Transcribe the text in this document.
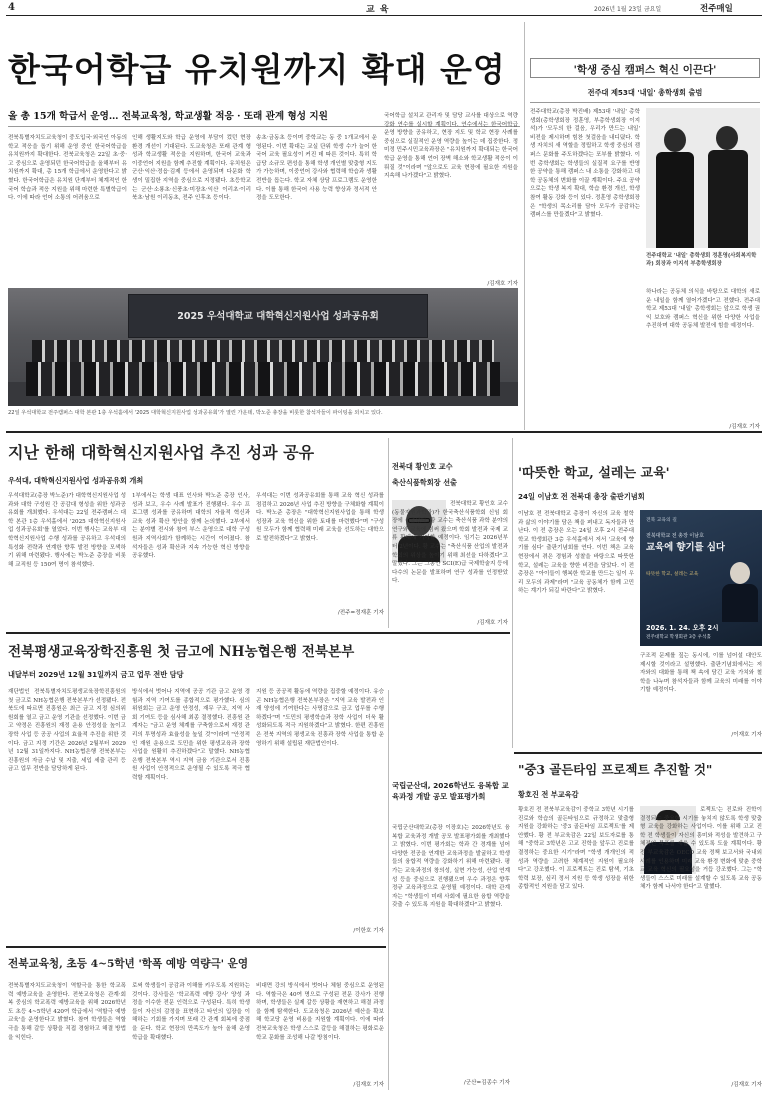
4	교 육	2026년 1월 23일 금요일	전주매일
한국어학급 유치원까지 확대 운영
올 총 15개 학급서 운영… 전북교육청, 학교생활 적응 · 또래 관계 형성 지원
전북특별자치도교육청이 중도입국·외국인 아동의 학교 적응을 돕기 위해 운영 중인 한국어학급을 유치원까지 확대한다. 전북교육청은 22일 초·중·고 중심으로 운영되던 한국어학급을 올해부터 유치원까지 확대, 총 15개 학급에서 운영한다고 밝혔다. 한국어학급은 유치원 단계부터 체계적인 한국어 학습과 적응 지원을 위해 마련한 특별학급이다. 이에 따라 언어 소통의 어려움으로
인해 생활지도와 학급 운영에 부담이 컸던 현장 환경 개선이 기대된다. 도교육청은 또래 관계 형성과 학교생활 적응을 지원하며, 한국어 교육과 이중언어 지원을 함께 추진할 계획이다. 유치원은 군산·익산·정읍·김제 등에서 운영되며 다문화 학생이 밀집한 지역을 중심으로 지정됐다. 초등학교는 군산·소룡초·신풍초·미장초·익산 이리초·이리북초·남원 이리동초, 전주 인후초 등이다.
송초·금동초 등이며 중학교는 동 중 1개교에서 운영된다. 이번 확대는 교실 단위 학생 수가 늘어 한국어 교육 필요성이 커진 데 따른 것이다. 특히 학급당 소규모 편성을 통해 학생 개인별 맞춤형 지도가 가능하며, 이중언어 강사와 협력해 학습과 생활 전반을 돕는다. 학교 자체 상담 프로그램도 운영한다. 이를 통해 한국어 사용 능력 향상과 정서적 안정을 도모한다.
국어학급 설치교 관리자 및 담당 교사를 대상으로 역량 강화 연수를 실시할 계획이다. 연수에서는 한국어학급 운영 방향을 공유하고, 현장 지도 및 학교 현장 사례를 중심으로 실질적인 운영 역량을 높이는 데 집중한다. 정미정 민주시민교육과장은 "유치원까지 확대되는 한국어학급 운영을 통해 언어 장벽 해소와 학교생활 적응이 이뤄질 것"이라며 "앞으로도 교육 현장에 필요한 지원을 지속해 나가겠다"고 밝혔다.
/김재호 기자
2025 우석대학교 대학혁신지원사업 성과공유회
22일 우석대학교 전주캠퍼스 대학 본관 1층 우석홀에서 '2025 대학혁신지원사업 성과공유회'가 열린 가운데, 박노준 총장을 비롯한 참석자들이 파이팅을 외치고 있다.
'학생 중심 캠퍼스 혁신 이끈다'
전주대 제53대 '내일' 총학생회 출범
전주대학교(총장 박진배) 제53대 '내일' 총학생회(총학생회장 정훈영, 부총학생회장 이지석)가 '모두의 한 걸음, 우리가 만드는 내일' 비전을 제시하며 힘찬 첫걸음을 내디뎠다. 학생 자치의 새 역할을 정립하고 학생 중심의 캠퍼스 문화를 주도하겠다는 포부를 밝혔다. 이번 총학생회는 학생들의 실질적 요구를 반영한 공약을 통해 캠퍼스 내 소통을 강화하고 대학 공동체의 변화를 이끌 계획이다. 주요 공약으로는 학생 복지 확대, 학습 환경 개선, 학생 참여 활동 강화 등이 있다. 정훈영 총학생회장은 "학생의 목소리를 담아 모두가 공감하는 캠퍼스를 만들겠다"고 밝혔다.
전주대학교 '내일' 총학생회 정훈영(사회복지학과) 회장과 이지석 부총학생회장
하나라는 공동체 의식을 바탕으로 대학의 새로운 내일을 함께 열어가겠다"고 전했다. 전주대학교 제53대 '내일' 총학생회는 앞으로 학생 권익 보호와 캠퍼스 혁신을 위한 다양한 사업을 추진하며 대학 공동체 발전에 힘쓸 예정이다.
/김재호 기자
지난 한해 대학혁신지원사업 추진 성과 공유
우석대, 대학혁신지원사업 성과공유회 개최
우석대학교(총장 박노준)가 대학혁신지원사업 성과와 대학 구성원 간 공감대 형성을 위한 성과공유회를 개최했다. 우석대는 22일 전주캠퍼스 대학 본관 1층 우석홀에서 '2025 대학혁신지원사업 성과공유회'를 열었다. 이번 행사는 교육부 대학혁신지원사업 수행 성과를 공유하고 우석대의 특성화 전략과 연계한 향후 발전 방향을 모색하기 위해 마련됐다. 행사에는 박노준 총장을 비롯해 교직원 등 150여 명이 참석했다.
1부에서는 학생 대표 인사와 박노준 총장 인사, 성과 보고, 우수 사례 발표가 진행됐다. 우수 프로그램 성과를 공유하며 대학의 자율적 혁신과 교육 성과 확산 방안을 함께 논의했다. 2부에서는 분야별 전시와 참여 부스 운영으로 대학 구성원과 지역사회가 함께하는 시간이 이어졌다. 참석자들은 성과 확산과 지속 가능한 혁신 방향을 공유했다.
우석대는 이번 성과공유회를 통해 교육 혁신 성과를 점검하고 2026년 사업 추진 방향을 구체화할 계획이다. 박노준 총장은 "대학혁신지원사업을 통해 학생 성장과 교육 혁신을 위한 토대를 마련했다"며 "구성원 모두가 함께 협력해 미래 교육을 선도하는 대학으로 발전하겠다"고 밝혔다.
/전주=정재훈 기자
전북대 황인호 교수
축산식품학회장 선출
전북대학교 황인호 교수(동물자원과학과)가 한국축산식품학회 신임 회장에 선출됐다. 황 교수는 축산식품 과학 분야의 연구와 교육에 힘써 왔으며 학회 발전과 국제 교류 확대에 기여할 예정이다. 임기는 2026년부터 2년이다. 황 교수는 "축산식품 산업의 발전과 학회의 위상을 높이기 위해 최선을 다하겠다"고 말했다. 그는 그동안 SCI(E)급 국제학술지 등에 다수의 논문을 발표하며 연구 성과를 인정받았다.
/김재호 기자
'따뜻한 학교, 설레는 교육'
24일 이남호 전 전북대 총장 출판기념회
이남호 전 전북대학교 총장이 자신의 교육 철학과 삶의 이야기를 담은 책을 펴내고 독자들과 만난다. 이 전 총장은 오는 24일 오후 2시 전주대학교 학생회관 3층 우석홀에서 저서 '교육에 향기를 심다' 출판기념회를 연다. 이번 책은 교육 현장에서 겪은 경험과 성찰을 바탕으로 따뜻한 학교, 설레는 교육을 향한 비전을 담았다. 이 전 총장은 "아이들이 행복한 학교를 만드는 일이 우리 모두의 과제"라며 "교육 공동체가 함께 고민하는 계기가 되길 바란다"고 밝혔다.
전북 교육의 길
전북대학교 전 총장 이남호
교육에 향기를 심다
따뜻한 학교, 설레는 교육
2026. 1. 24. 오후 2시
전주대학교 학생회관 3층 우석홀
구조적 문제를 짚는 동시에, 이를 넘어설 대안도 제시할 것이라고 설명했다. 출판기념회에서는 저자와의 대화를 통해 책 속에 담긴 교육 가치와 철학을 나누며 참석자들과 함께 교육의 미래를 이야기할 예정이다.
/이재호 기자
전북평생교육장학진흥원 첫 금고에 NH농협은행 전북본부
내달부터 2029년 12월 31일까지 금고 업무 전반 담당
재단법인 전북특별자치도평생교육장학진흥원의 첫 금고로 NH농협은행 전북본부가 선정됐다. 전북도에 따르면 진흥원은 최근 금고 지정 심의위원회를 열고 금고 운영 기관을 선정했다. 이번 금고 약정은 진흥원의 재정 운용 안정성을 높이고 장학 사업 등 공공 사업의 효율적 추진을 위한 것이다. 금고 지정 기간은 2026년 2월부터 2029년 12월 31일까지다. NH농협은행 전북본부는 진흥원의 자금 수납 및 지출, 세입 세출 관리 등 금고 업무 전반을 담당하게 된다.
방식에서 벗어나 지역에 공공 기관 금고 운영 경험과 지역 기여도를 종합적으로 평가했다. 심의위원회는 금고 운영 안정성, 재무 구조, 지역 사회 기여도 등을 심사해 최종 결정했다. 진흥원 관계자는 "금고 운영 체계를 구축함으로써 재정 관리의 투명성과 효율성을 높일 것"이라며 "안정적인 재원 운용으로 도민을 위한 평생교육과 장학 사업을 원활히 추진하겠다"고 말했다. NH농협은행 전북본부 역시 지역 금융 기관으로서 진흥원 사업이 안정적으로 운영될 수 있도록 적극 협력할 계획이다.
지원 등 공공적 활동에 역량을 집중할 예정이다. 유승곤 NH농협은행 전북본부장은 "지역 교육 발전과 인재 양성에 기여한다는 사명감으로 금고 업무를 수행하겠다"며 "도민의 평생학습과 장학 사업이 더욱 활성화되도록 적극 지원하겠다"고 밝혔다. 한편 진흥원은 전북 지역의 평생교육 진흥과 장학 사업을 통합 운영하기 위해 설립된 재단법인이다.
/이한호 기자
국립군산대, 2026학년도 융복합 교육과정 개발 공모 발표평가회
국립군산대학교(총장 이장호)는 2026학년도 융복합 교육과정 개발 공모 발표평가회를 개최했다고 밝혔다. 이번 평가회는 학과 간 경계를 넘어 다양한 전공을 연계한 교육과정을 발굴하고 학생들의 융합적 역량을 강화하기 위해 마련됐다. 평가는 교육과정의 창의성, 실현 가능성, 산업 연계성 등을 중심으로 진행됐으며 우수 과정은 향후 정규 교육과정으로 운영될 예정이다. 대학 관계자는 "학생들이 미래 사회에 필요한 융합 역량을 갖출 수 있도록 지원을 확대하겠다"고 밝혔다.
/군산=김종수 기자
"중3 골든타임 프로젝트 추진할 것"
황호진 전 부교육감
황호진 전 전북부교육감이 중학교 3학년 시기를 진로와 학습의 골든타임으로 규정하고 맞춤형 지원을 강화하는 '중3 골든타임 프로젝트'를 제안했다. 황 전 부교육감은 22일 보도자료를 통해 "중학교 3학년은 고교 진학을 앞두고 진로를 결정하는 중요한 시기"라며 "학생 개개인의 적성과 역량을 고려한 체계적인 지원이 필요하다"고 강조했다. 이 프로젝트는 진로 탐색, 기초학력 보장, 심리 정서 지원 등 학생 성장을 위한 종합적인 지원을 담고 있다.
로젝트'는 진로와 진학이 결정되는 중요한 시기를 놓치지 않도록 학생 맞춤형 교육을 강화하는 사업이다. 이를 위해 고교 진학 전 학생들이 자신의 흥미와 적성을 발견하고 구체적인 목표를 세울 수 있도록 도울 계획이다. 황 전 부교육감은 OECD 교육 정책 보고서와 국내외 사례를 인용하며 미래 교육 환경 변화에 맞춘 중학교 교육 혁신의 필요성을 거듭 강조했다. 그는 "학생들이 스스로 미래를 설계할 수 있도록 교육 공동체가 함께 나서야 한다"고 말했다.
/김재호 기자
전북교육청, 초등 4~5학년 '학폭 예방 역량극' 운영
전북특별자치도교육청이 역할극을 통한 학교폭력 예방교육을 운영한다. 전북교육청은 관계·회복 중심의 학교폭력 예방교육을 위해 2026학년도 초등 4~5학년 420여 학급에서 '역할극 예방교육'을 운영한다고 밝혔다. 참여 학생들은 역할극을 통해 갈등 상황을 직접 경험하고 해결 방법을 익힌다.
로써 학생들이 공감과 이해를 키우도록 지원하는 것이다. 강사들은 '학교폭력 예방 강사' 양성 과정을 이수한 전문 인력으로 구성된다. 특히 학생들이 자신의 감정을 표현하고 타인의 입장을 이해하는 기회를 가지며 또래 간 관계 회복에 중점을 둔다. 학교 현장의 만족도가 높아 올해 운영 학급을 확대했다.
비대면 강의 방식에서 벗어나 체험 중심으로 운영된다. 역할극은 40여 명으로 구성된 전문 강사가 진행하며, 학생들은 실제 갈등 상황을 재현하고 해결 과정을 함께 탐색한다. 도교육청은 2026년 예산을 확보해 학교당 운영 비용을 지원할 계획이다. 이에 따라 전북교육청은 학생 스스로 갈등을 해결하는 평화로운 학교 문화를 조성해 나갈 방침이다.
/김재호 기자
